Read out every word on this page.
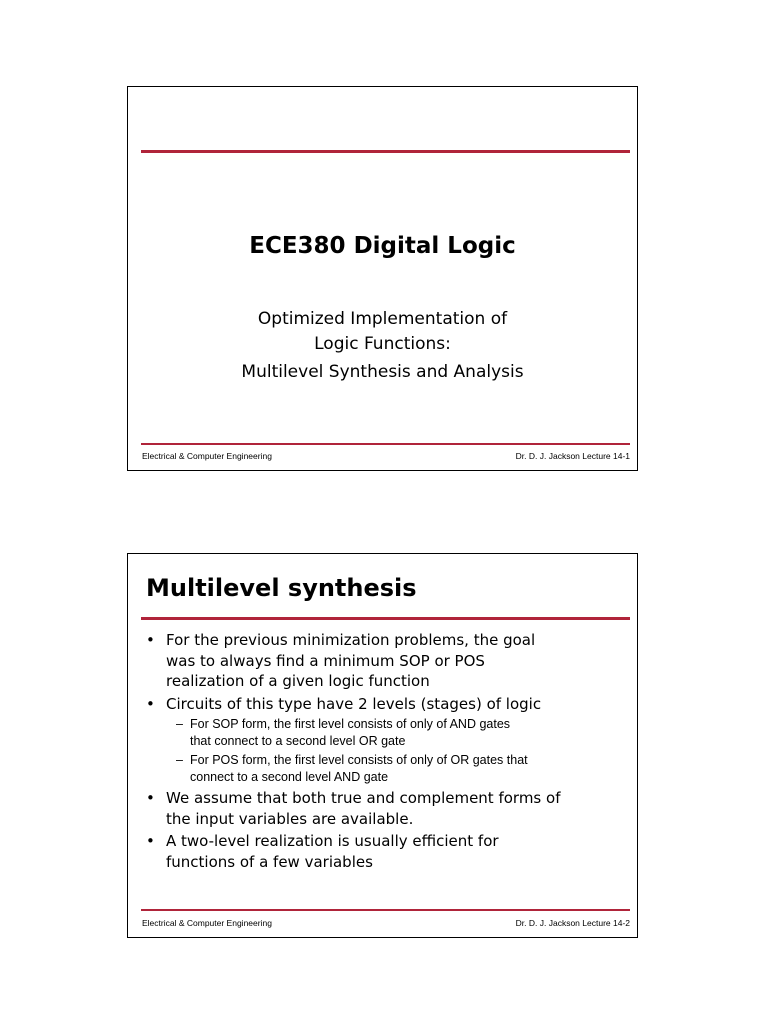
ECE380 Digital Logic
Optimized Implementation of
Logic Functions:
Multilevel Synthesis and Analysis
Electrical & Computer Engineering	Dr. D. J. Jackson Lecture 14-1
Multilevel synthesis
• For the previous minimization problems, the goal
was to always find a minimum SOP or POS
realization of a given logic function
• Circuits of this type have 2 levels (stages) of logic
– For SOP form, the first level consists of only of AND gates
that connect to a second level OR gate
– For POS form, the first level consists of only of OR gates that
connect to a second level AND gate
• We assume that both true and complement forms of
the input variables are available.
• A two-level realization is usually efficient for
functions of a few variables
Electrical & Computer Engineering	Dr. D. J. Jackson Lecture 14-2
